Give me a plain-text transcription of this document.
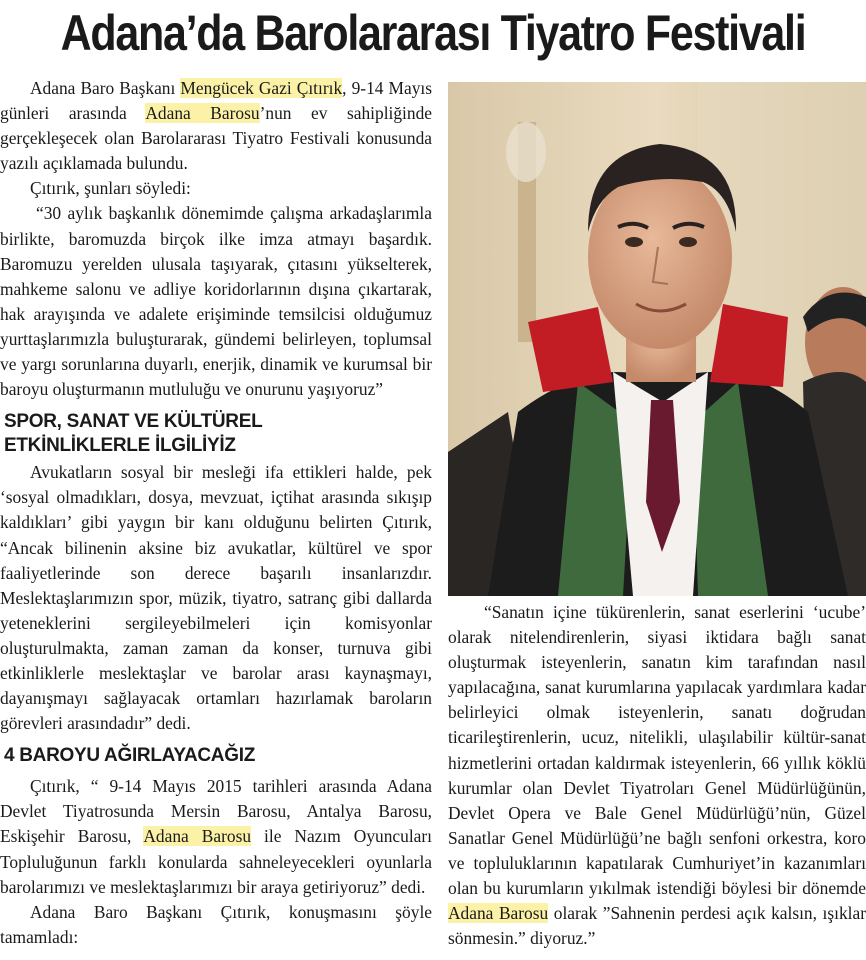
Adana’da Barolararası Tiyatro Festivali

Adana Baro Başkanı Mengücek Gazi Çıtırık, 9-14 Mayıs günleri arasında Adana Barosu’nun ev sahipliğinde gerçekleşecek olan Barolararası Tiyatro Festivali konusunda yazılı açıklamada bulundu.

Çıtırık, şunları söyledi:

“30 aylık başkanlık dönemimde çalışma arkadaşlarımla birlikte, baromuzda birçok ilke imza atmayı başardık. Baromuzu yerelden ulusala taşıyarak, çıtasını yükselterek, mahkeme salonu ve adliye koridorlarının dışına çıkartarak, hak arayışında ve adalete erişiminde temsilcisi olduğumuz yurttaşlarımızla buluşturarak, gündemi belirleyen, toplumsal ve yargı sorunlarına duyarlı, enerjik, dinamik ve kurumsal bir baroyu oluşturmanın mutluluğu ve onurunu yaşıyoruz”

SPOR, SANAT VE KÜLTÜREL
ETKİNLİKLERLE İLGİLİYİZ

Avukatların sosyal bir mesleği ifa ettikleri halde, pek ‘sosyal olmadıkları, dosya, mevzuat, içtihat arasında sıkışıp kaldıkları’ gibi yaygın bir kanı olduğunu belirten Çıtırık, “Ancak bilinenin aksine biz avukatlar, kültürel ve spor faaliyetlerinde son derece başarılı insanlarızdır. Meslektaşlarımızın spor, müzik, tiyatro, satranç gibi dallarda yeteneklerini sergileyebilmeleri için komisyonlar oluşturulmakta, zaman zaman da konser, turnuva gibi etkinliklerle meslektaşlar ve barolar arası kaynaşmayı, dayanışmayı sağlayacak ortamları hazırlamak baroların görevleri arasındadır” dedi.

4 BAROYU AĞIRLAYACAĞIZ

Çıtırık, “ 9-14 Mayıs 2015 tarihleri arasında Adana Devlet Tiyatrosunda Mersin Barosu, Antalya Barosu, Eskişehir Barosu, Adana Barosu ile Nazım Oyuncuları Topluluğunun farklı konularda sahneleyecekleri oyunlarla barolarımızı ve meslektaşlarımızı bir araya getiriyoruz” dedi.

Adana Baro Başkanı Çıtırık, konuşmasını şöyle tamamladı:

“Sanatın içine tükürenlerin, sanat eserlerini ‘ucube’ olarak nitelendirenlerin, siyasi iktidara bağlı sanat oluşturmak isteyenlerin, sanatın kim tarafından nasıl yapılacağına, sanat kurumlarına yapılacak yardımlara kadar belirleyici olmak isteyenlerin, sanatı doğrudan ticarileştirenlerin, ucuz, nitelikli, ulaşılabilir kültür-sanat hizmetlerini ortadan kaldırmak isteyenlerin, 66 yıllık köklü kurumlar olan Devlet Tiyatroları Genel Müdürlüğünün, Devlet Opera ve Bale Genel Müdürlüğü’nün, Güzel Sanatlar Genel Müdürlüğü’ne bağlı senfoni orkestra, koro ve topluluklarının kapatılarak Cumhuriyet’in kazanımları olan bu kurumların yıkılmak istendiği böylesi bir dönemde Adana Barosu olarak ”Sahnenin perdesi açık kalsın, ışıklar sönmesin.” diyoruz.”
